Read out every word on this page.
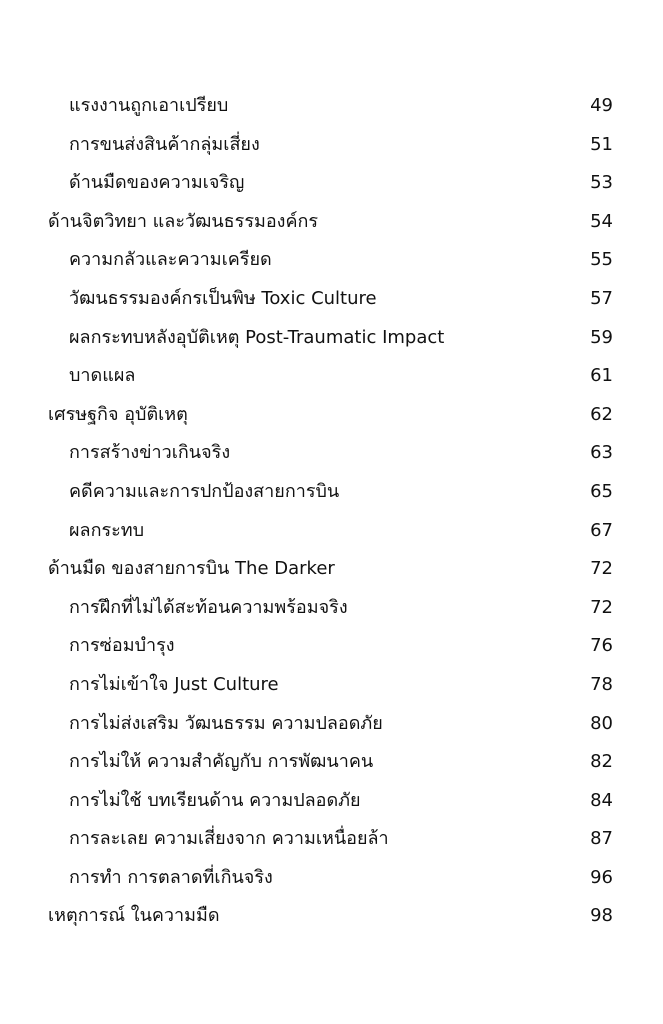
แรงงานถูกเอาเปรียบ	49
การขนส่งสินค้ากลุ่มเสี่ยง	51
ด้านมืดของความเจริญ	53
ด้านจิตวิทยา และวัฒนธรรมองค์กร	54
ความกลัวและความเครียด	55
วัฒนธรรมองค์กรเป็นพิษ Toxic Culture	57
ผลกระทบหลังอุบัติเหตุ Post-Traumatic Impact	59
บาดแผล	61
เศรษฐกิจ อุบัติเหตุ	62
การสร้างข่าวเกินจริง	63
คดีความและการปกป้องสายการบิน	65
ผลกระทบ	67
ด้านมืด ของสายการบิน The Darker	72
การฝึกที่ไม่ได้สะท้อนความพร้อมจริง	72
การซ่อมบำรุง	76
การไม่เข้าใจ Just Culture	78
การไม่ส่งเสริม วัฒนธรรม ความปลอดภัย	80
การไม่ให้ ความสำคัญกับ การพัฒนาคน	82
การไม่ใช้ บทเรียนด้าน ความปลอดภัย	84
การละเลย ความเสี่ยงจาก ความเหนื่อยล้า	87
การทำ การตลาดที่เกินจริง	96
เหตุการณ์ ในความมืด	98
